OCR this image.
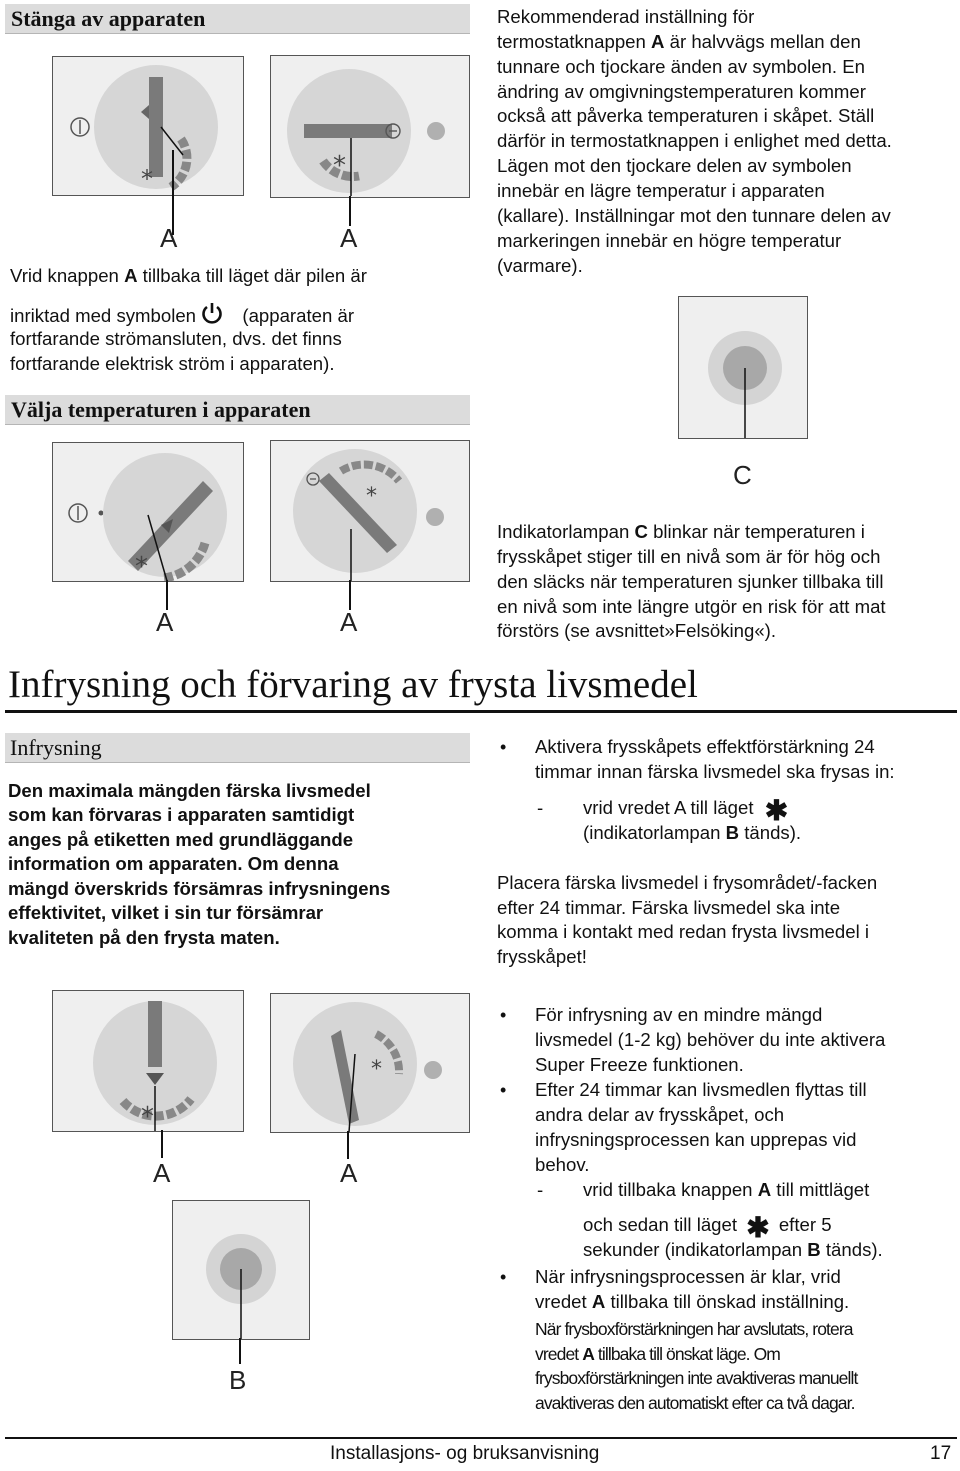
Stänga av apparaten
*
A
*
A
Vrid knappen A tillbaka till läget där pilen är
inriktad med symbolen (apparaten är
fortfarande strömansluten, dvs. det finns
fortfarande elektrisk ström i apparaten).
Välja temperaturen i apparaten
*
A
*
A
Rekommenderad inställning för
termostatknappen A är halvvägs mellan den
tunnare och tjockare änden av symbolen. En
ändring av omgivningstemperaturen kommer
också att påverka temperaturen i skåpet. Ställ
därför in termostatknappen i enlighet med detta.
Lägen mot den tjockare delen av symbolen
innebär en lägre temperatur i apparaten
(kallare). Inställningar mot den tunnare delen av
markeringen innebär en högre temperatur
(varmare).
C
Indikatorlampan C blinkar när temperaturen i
frysskåpet stiger till en nivå som är för hög och
den släcks när temperaturen sjunker tillbaka till
en nivå som inte längre utgör en risk för att mat
förstörs (se avsnittet»Felsöking«).
Infrysning och förvaring av frysta livsmedel
Infrysning
Den maximala mängden färska livsmedel
som kan förvaras i apparaten samtidigt
anges på etiketten med grundläggande
information om apparaten. Om denna
mängd överskrids försämras infrysningens
effektivitet, vilket i sin tur försämrar
kvaliteten på den frysta maten.
*
A
*
A
B
• Aktivera frysskåpets effektförstärkning 24
timmar innan färska livsmedel ska frysas in:
- vrid vredet A till läget ✱
(indikatorlampan B tänds).
Placera färska livsmedel i frysområdet/-facken
efter 24 timmar. Färska livsmedel ska inte
komma i kontakt med redan frysta livsmedel i
frysskåpet!
• För infrysning av en mindre mängd
livsmedel (1-2 kg) behöver du inte aktivera
Super Freeze funktionen.
• Efter 24 timmar kan livsmedlen flyttas till
andra delar av frysskåpet, och
infrysningsprocessen kan upprepas vid
behov.
- vrid tillbaka knappen A till mittläget
och sedan till läget ✱ efter 5
sekunder (indikatorlampan B tänds).
• När infrysningsprocessen är klar, vrid
vredet A tillbaka till önskad inställning.
När frysboxförstärkningen har avslutats, rotera
vredet A tillbaka till önskat läge. Om
frysboxförstärkningen inte avaktiveras manuellt
avaktiveras den automatiskt efter ca två dagar.
Installasjons- og bruksanvisning	17
